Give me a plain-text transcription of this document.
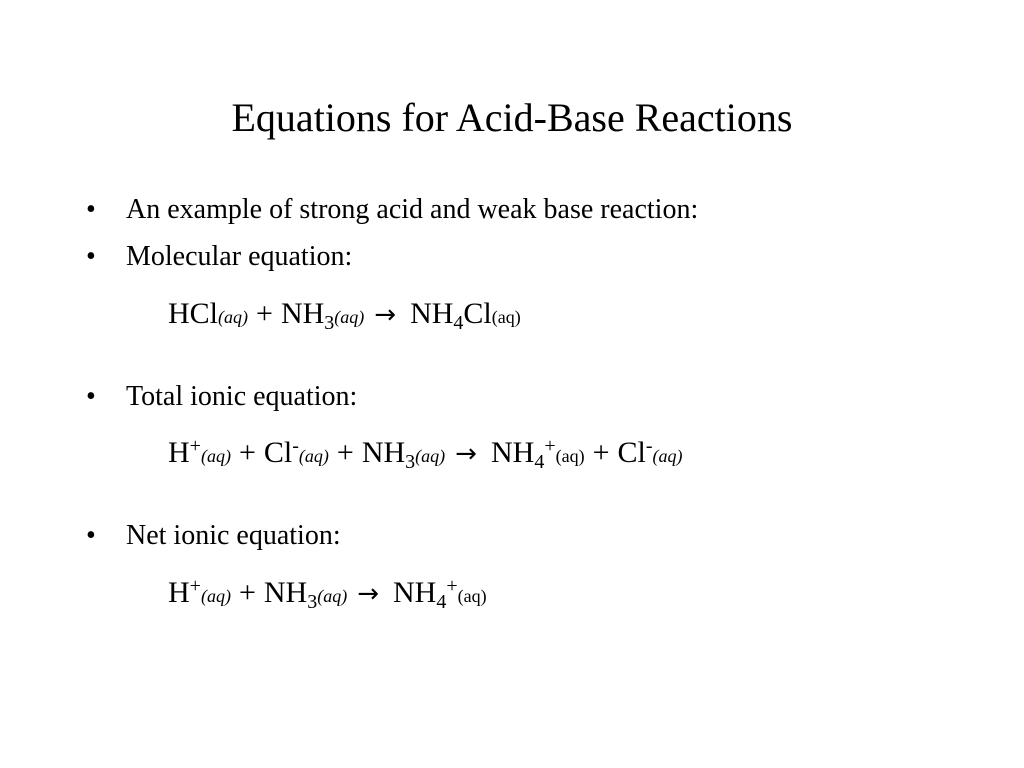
Equations for Acid-Base Reactions
• An example of strong acid and weak base reaction:
• Molecular equation:
$HCl(aq) + NH_3(aq) \to NH_4Cl(aq)$
• Total ionic equation:
$H^+(aq) + Cl^-(aq) + NH_3(aq) \to NH_4^+(aq) + Cl^-(aq)$
• Net ionic equation:
$H^+(aq) + NH_3(aq) \to NH_4^+(aq)$
